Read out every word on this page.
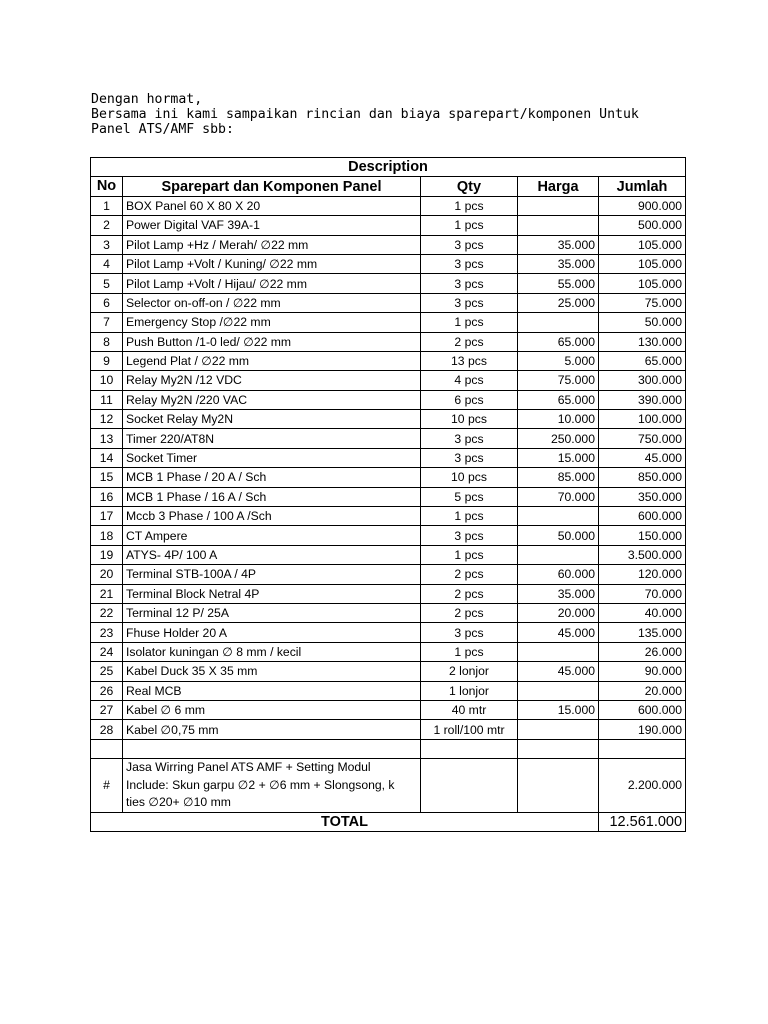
Dengan hormat,
Bersama ini kami sampaikan rincian dan biaya sparepart/komponen Untuk
Panel ATS/AMF sbb:
Description				
No	Sparepart dan Komponen Panel	Qty	Harga	Jumlah
1	BOX Panel 60 X 80 X 20	1 pcs		900.000
2	Power Digital VAF 39A-1	1 pcs		500.000
3	Pilot Lamp +Hz / Merah/ ∅22 mm	3 pcs	35.000	105.000
4	Pilot Lamp +Volt / Kuning/ ∅22 mm	3 pcs	35.000	105.000
5	Pilot Lamp +Volt / Hijau/ ∅22 mm	3 pcs	55.000	105.000
6	Selector on-off-on / ∅22 mm	3 pcs	25.000	75.000
7	Emergency Stop /∅22 mm	1 pcs		50.000
8	Push Button /1-0 led/ ∅22 mm	2 pcs	65.000	130.000
9	Legend Plat / ∅22 mm	13 pcs	5.000	65.000
10	Relay My2N /12 VDC	4 pcs	75.000	300.000
11	Relay My2N /220 VAC	6 pcs	65.000	390.000
12	Socket Relay My2N	10 pcs	10.000	100.000
13	Timer 220/AT8N	3 pcs	250.000	750.000
14	Socket Timer	3 pcs	15.000	45.000
15	MCB 1 Phase / 20 A / Sch	10 pcs	85.000	850.000
16	MCB 1 Phase / 16 A / Sch	5 pcs	70.000	350.000
17	Mccb 3 Phase / 100 A /Sch	1 pcs		600.000
18	CT Ampere	3 pcs	50.000	150.000
19	ATYS- 4P/ 100 A	1 pcs		3.500.000
20	Terminal STB-100A / 4P	2 pcs	60.000	120.000
21	Terminal Block Netral 4P	2 pcs	35.000	70.000
22	Terminal 12 P/ 25A	2 pcs	20.000	40.000
23	Fhuse Holder 20 A	3 pcs	45.000	135.000
24	Isolator kuningan ∅ 8 mm / kecil	1 pcs		26.000
25	Kabel Duck 35 X 35 mm	2 lonjor	45.000	90.000
26	Real MCB	1 lonjor		20.000
27	Kabel ∅ 6 mm	40 mtr	15.000	600.000
28	Kabel ∅0,75 mm	1 roll/100 mtr		190.000

#	Jasa Wirring Panel ATS AMF + Setting Modul
Include: Skun garpu ∅2 + ∅6 mm + Slongsong, k
ties ∅20+ ∅10 mm			2.200.000
TOTAL				12.561.000
